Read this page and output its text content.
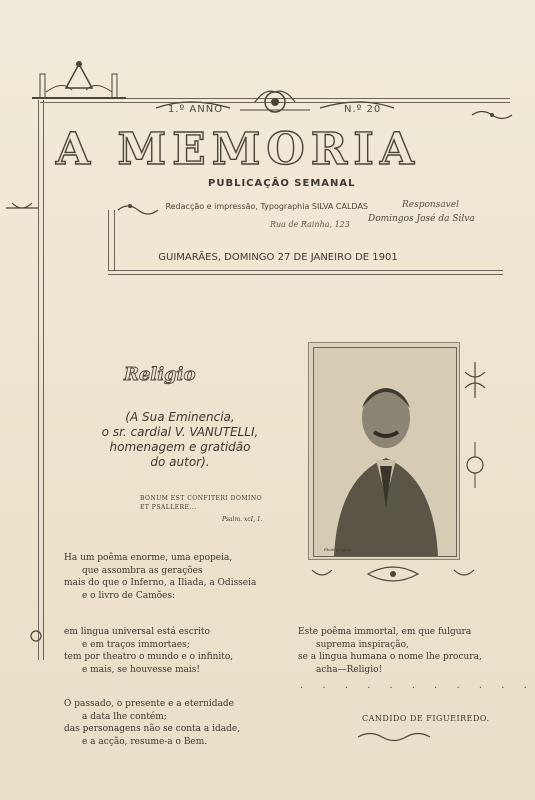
1.º ANNO	N.º 20
A MEMORIA
PUBLICAÇÃO SEMANAL
Redacção e impressão, Typographia SILVA CALDAS
Rua de Rainha, 123
Responsavel
Domingos José da Silva
GUIMARÃES, DOMINGO 27 DE JANEIRO DE 1901
Religio
(A Sua Eminencia,
o sr. cardial V. VANUTELLI,
homenagem e gratidão
do autor).
BONUM EST CONFITERI DOMINO
ET PSALLERE...
Psalm. xcI, 1.
Photographia
Ha um poêma enorme, uma epopeia,
que assombra as gerações
mais do que o Inferno, a Iliada, a Odisseia
e o livro de Camões:
em lingua universal está escrito
e em traços immortaes;
tem por theatro o mundo e o infinito,
e mais, se houvesse mais!
O passado, o presente e a eternidade
a data lhe contém;
das personagens não se conta a idade,
e a acção, resume-a o Bem.
Este poêma immortal, em que fulgura
suprema inspiração,
se a lingua humana o nome lhe procura,
acha—Religio!
. . . . . . . . . . .
CANDIDO DE FIGUEIREDO.
